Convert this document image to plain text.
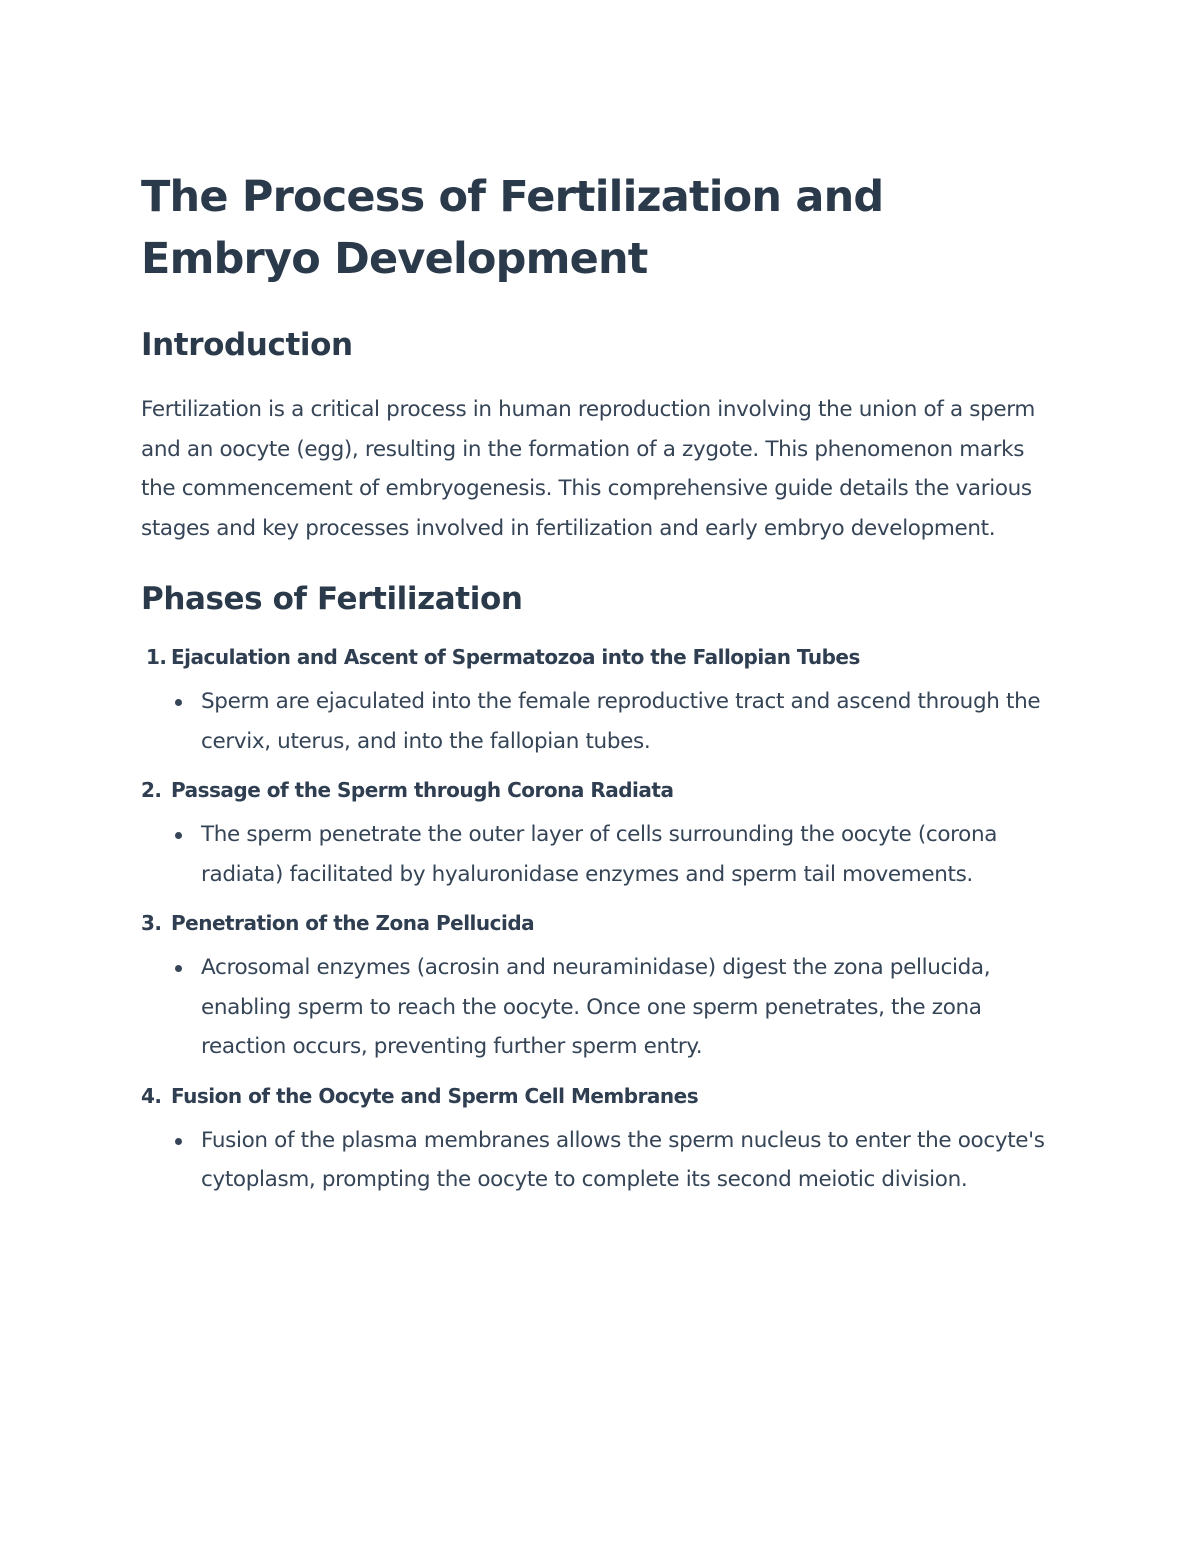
The Process of Fertilization and Embryo Development
Introduction

Fertilization is a critical process in human reproduction involving the union of a sperm and an oocyte (egg), resulting in the formation of a zygote. This phenomenon marks the commencement of embryogenesis. This comprehensive guide details the various stages and key processes involved in fertilization and early embryo development.

Phases of Fertilization
1. Ejaculation and Ascent of Spermatozoa into the Fallopian Tubes
Sperm are ejaculated into the female reproductive tract and ascend through the cervix, uterus, and into the fallopian tubes.
2. Passage of the Sperm through Corona Radiata
The sperm penetrate the outer layer of cells surrounding the oocyte (corona radiata) facilitated by hyaluronidase enzymes and sperm tail movements.
3. Penetration of the Zona Pellucida
Acrosomal enzymes (acrosin and neuraminidase) digest the zona pellucida, enabling sperm to reach the oocyte. Once one sperm penetrates, the zona reaction occurs, preventing further sperm entry.
4. Fusion of the Oocyte and Sperm Cell Membranes
Fusion of the plasma membranes allows the sperm nucleus to enter the oocyte's cytoplasm, prompting the oocyte to complete its second meiotic division.
